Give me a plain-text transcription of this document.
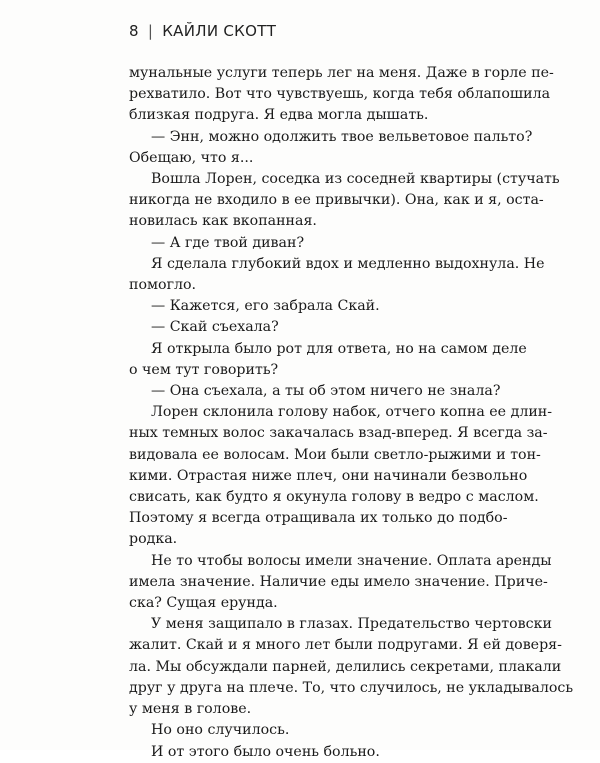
8 | КАЙЛИ СКОТТ
мунальные услуги теперь лег на меня. Даже в горле пе-
рехватило. Вот что чувствуешь, когда тебя облапошила
близкая подруга. Я едва могла дышать.
— Энн, можно одолжить твое вельветовое пальто?
Обещаю, что я...
Вошла Лорен, соседка из соседней квартиры (стучать
никогда не входило в ее привычки). Она, как и я, оста-
новилась как вкопанная.
— А где твой диван?
Я сделала глубокий вдох и медленно выдохнула. Не
помогло.
— Кажется, его забрала Скай.
— Скай съехала?
Я открыла было рот для ответа, но на самом деле
о чем тут говорить?
— Она съехала, а ты об этом ничего не знала?
Лорен склонила голову набок, отчего копна ее длин-
ных темных волос закачалась взад-вперед. Я всегда за-
видовала ее волосам. Мои были светло-рыжими и тон-
кими. Отрастая ниже плеч, они начинали безвольно
свисать, как будто я окунула голову в ведро с маслом.
Поэтому я всегда отращивала их только до подбо-
родка.
Не то чтобы волосы имели значение. Оплата аренды
имела значение. Наличие еды имело значение. Приче-
ска? Сущая ерунда.
У меня защипало в глазах. Предательство чертовски
жалит. Скай и я много лет были подругами. Я ей доверя-
ла. Мы обсуждали парней, делились секретами, плакали
друг у друга на плече. То, что случилось, не укладывалось
у меня в голове.
Но оно случилось.
И от этого было очень больно.
